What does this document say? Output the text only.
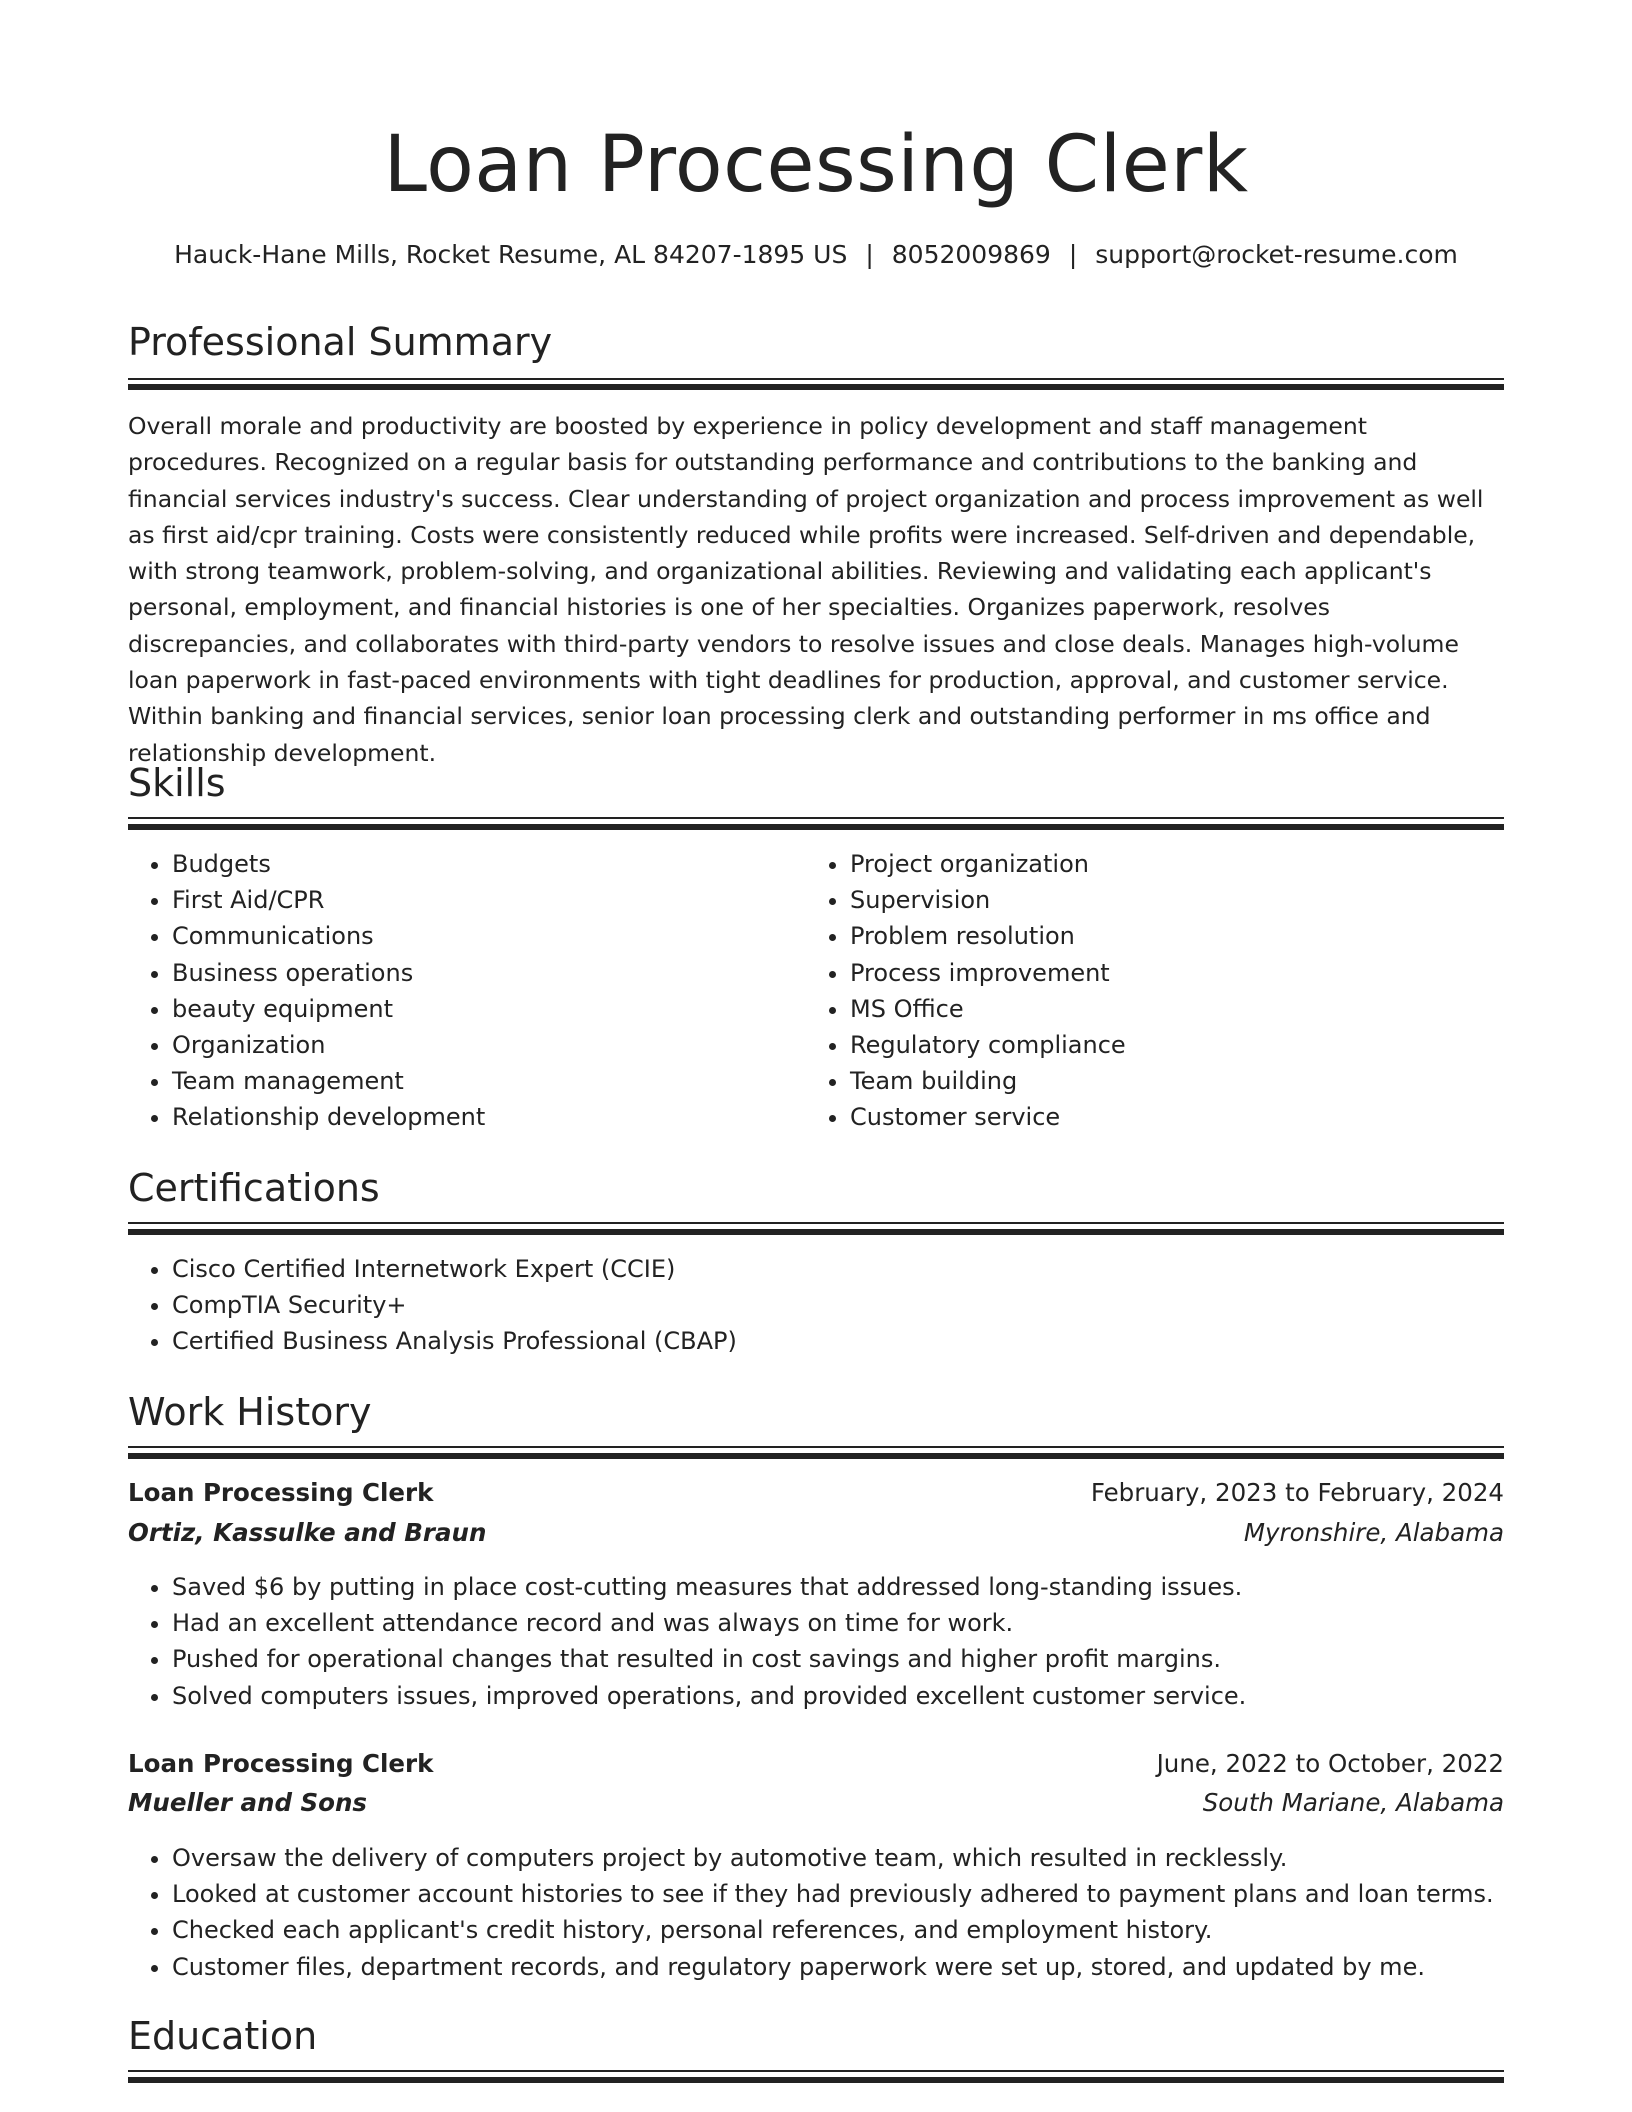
Loan Processing Clerk
Hauck-Hane Mills, Rocket Resume, AL 84207-1895 US | 8052009869 | support@rocket-resume.com
Professional Summary

Overall morale and productivity are boosted by experience in policy development and staff management procedures. Recognized on a regular basis for outstanding performance and contributions to the banking and financial services industry's success. Clear understanding of project organization and process improvement as well as first aid/cpr training. Costs were consistently reduced while profits were increased. Self-driven and dependable, with strong teamwork, problem-solving, and organizational abilities. Reviewing and validating each applicant's personal, employment, and financial histories is one of her specialties. Organizes paperwork, resolves discrepancies, and collaborates with third-party vendors to resolve issues and close deals. Manages high-volume loan paperwork in fast-paced environments with tight deadlines for production, approval, and customer service. Within banking and financial services, senior loan processing clerk and outstanding performer in ms office and relationship development.

Skills
• Budgets
• First Aid/CPR
• Communications
• Business operations
• beauty equipment
• Organization
• Team management
• Relationship development
• Project organization
• Supervision
• Problem resolution
• Process improvement
• MS Office
• Regulatory compliance
• Team building
• Customer service
Certifications
• Cisco Certified Internetwork Expert (CCIE)
• CompTIA Security+
• Certified Business Analysis Professional (CBAP)
Work History
Loan Processing Clerk	February, 2023 to February, 2024
Ortiz, Kassulke and Braun	Myronshire, Alabama
• Saved $6 by putting in place cost-cutting measures that addressed long-standing issues.
• Had an excellent attendance record and was always on time for work.
• Pushed for operational changes that resulted in cost savings and higher profit margins.
• Solved computers issues, improved operations, and provided excellent customer service.
Loan Processing Clerk	June, 2022 to October, 2022
Mueller and Sons	South Mariane, Alabama
• Oversaw the delivery of computers project by automotive team, which resulted in recklessly.
• Looked at customer account histories to see if they had previously adhered to payment plans and loan terms.
• Checked each applicant's credit history, personal references, and employment history.
• Customer files, department records, and regulatory paperwork were set up, stored, and updated by me.
Education
